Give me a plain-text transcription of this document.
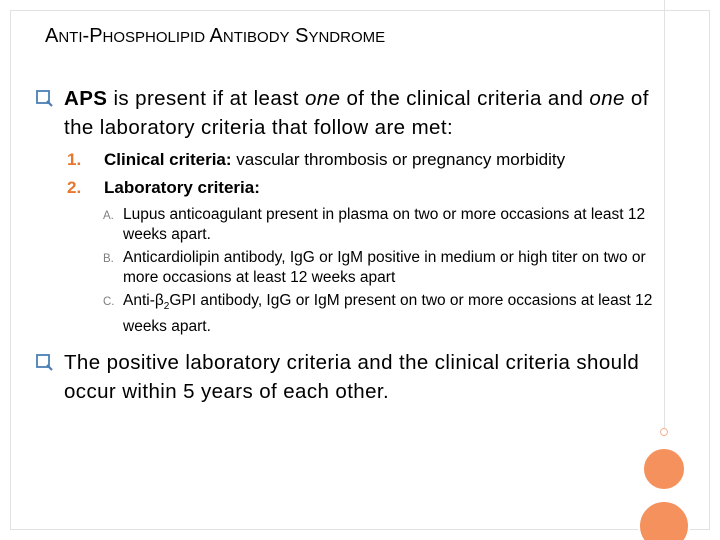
ANTI-PHOSPHOLIPID ANTIBODY SYNDROME
APS is present if at least one of the clinical criteria and one of the laboratory criteria that follow are met:
1.	Clinical criteria: vascular thrombosis or pregnancy morbidity
2.	Laboratory criteria:
A. Lupus anticoagulant present in plasma on two or more occasions at least 12 weeks apart.
B. Anticardiolipin antibody, IgG or IgM positive in medium or high titer on two or more occasions at least 12 weeks apart
C. Anti-$\beta_2GPI$ antibody, IgG or IgM present on two or more occasions at least 12 weeks apart.
The positive laboratory criteria and the clinical criteria should occur within 5 years of each other.
